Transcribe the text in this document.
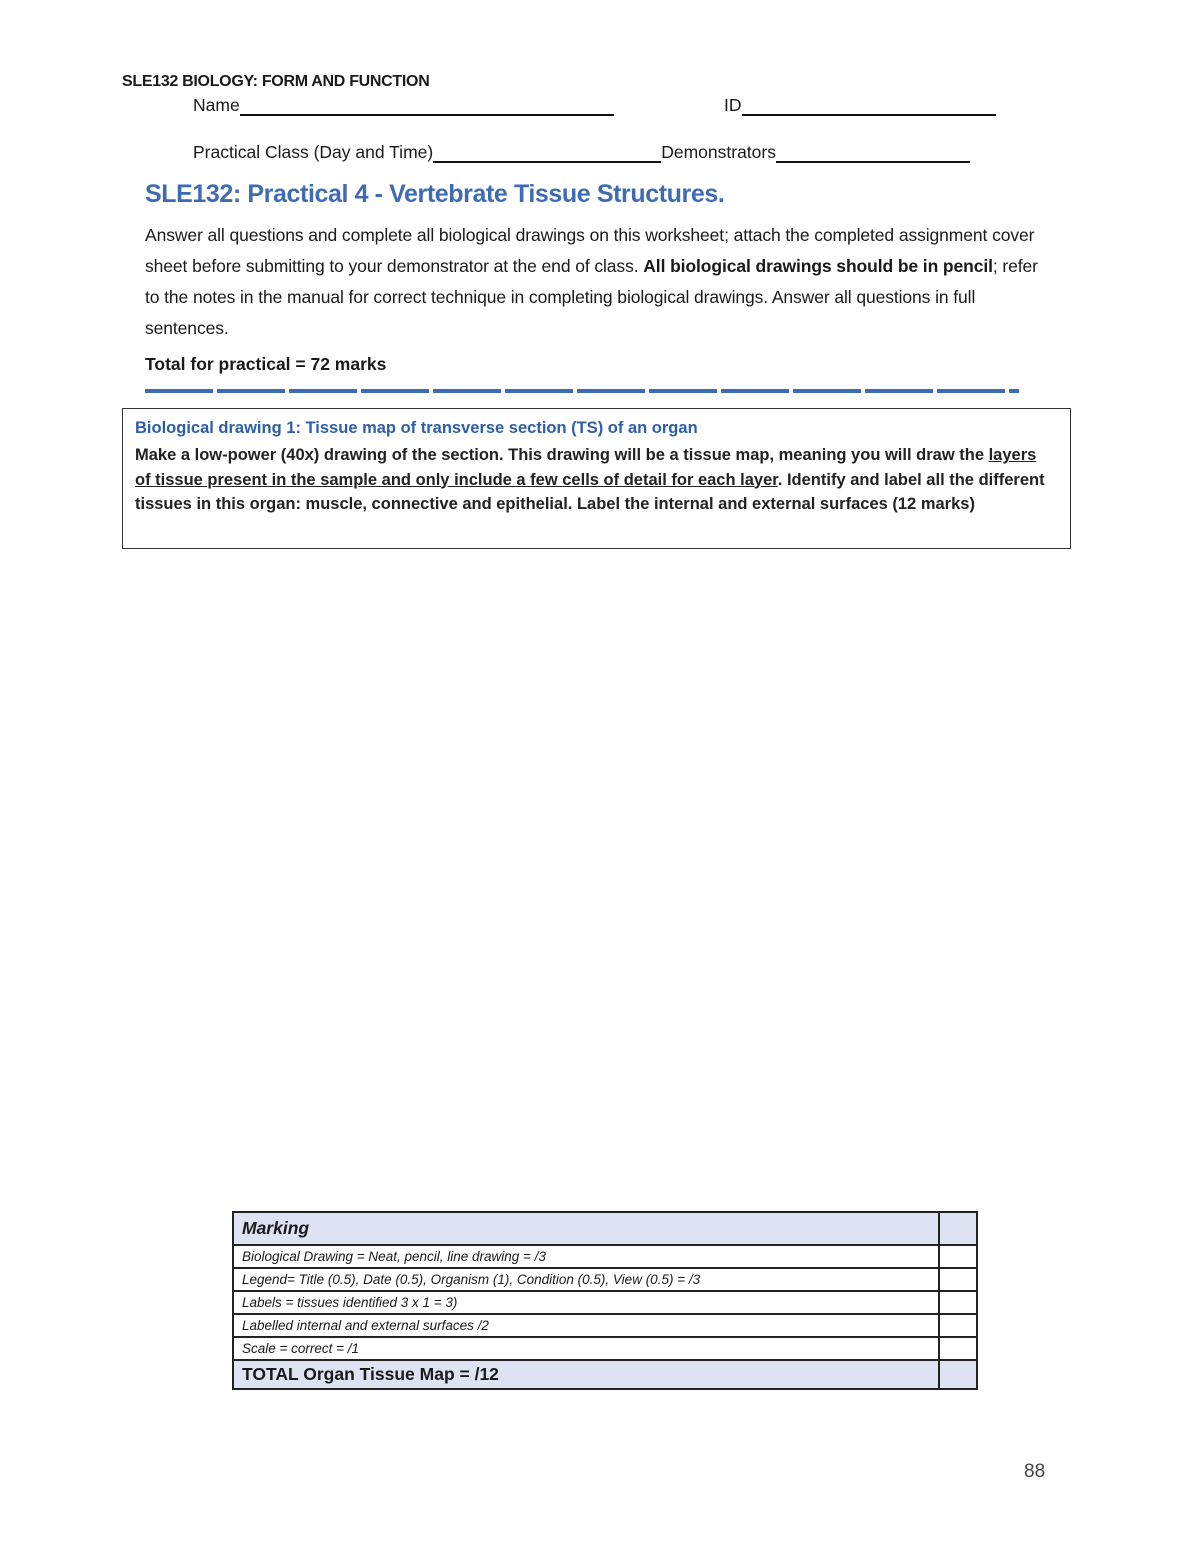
SLE132 BIOLOGY: FORM AND FUNCTION
Name	ID
Practical Class (Day and Time)	Demonstrators
SLE132: Practical 4 - Vertebrate Tissue Structures.
Answer all questions and complete all biological drawings on this worksheet; attach the completed assignment cover sheet before submitting to your demonstrator at the end of class. All biological drawings should be in pencil; refer to the notes in the manual for correct technique in completing biological drawings. Answer all questions in full sentences.
Total for practical = 72 marks
Biological drawing 1: Tissue map of transverse section (TS) of an organ
Make a low-power (40x) drawing of the section. This drawing will be a tissue map, meaning you will draw the layers of tissue present in the sample and only include a few cells of detail for each layer. Identify and label all the different tissues in this organ: muscle, connective and epithelial. Label the internal and external surfaces (12 marks)
Marking	
Biological Drawing = Neat, pencil, line drawing = /3	
Legend= Title (0.5), Date (0.5), Organism (1), Condition (0.5), View (0.5) = /3	
Labels = tissues identified 3 x 1 = 3)	
Labelled internal and external surfaces /2	
Scale = correct = /1	
TOTAL Organ Tissue Map = /12	
88
